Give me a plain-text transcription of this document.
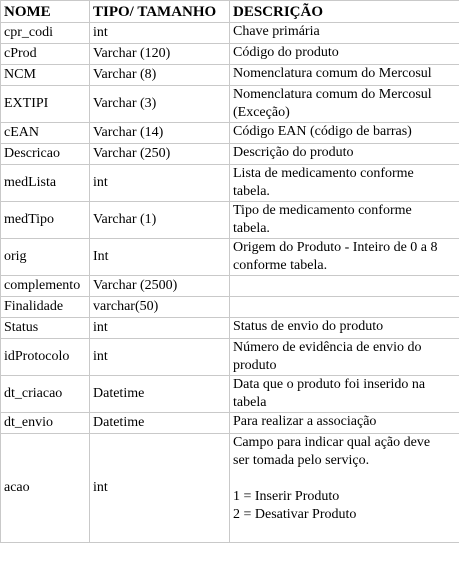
NOME	TIPO/ TAMANHO	DESCRIÇÃO
cpr_codi	int	Chave primária

cProd	Varchar (120)	Código do produto

NCM	Varchar (8)	Nomenclatura comum do Mercosul

EXTIPI	Varchar (3)	Nomenclatura comum do Mercosul
(Exceção)

cEAN	Varchar (14)	Código EAN (código de barras)

Descricao	Varchar (250)	Descrição do produto

medLista	int	Lista de medicamento conforme
tabela.

medTipo	Varchar (1)	Tipo de medicamento conforme
tabela.

orig	Int	Origem do Produto - Inteiro de 0 a 8
conforme tabela.

complemento	Varchar (2500)	
Finalidade	varchar(50)	
Status	int	Status de envio do produto

idProtocolo	int	Número de evidência de envio do
produto

dt_criacao	Datetime	Data que o produto foi inserido na
tabela

dt_envio	Datetime	Para realizar a associação

acao	int	Campo para indicar qual ação deve
ser tomada pelo serviço.
1 = Inserir Produto
2 = Desativar Produto
